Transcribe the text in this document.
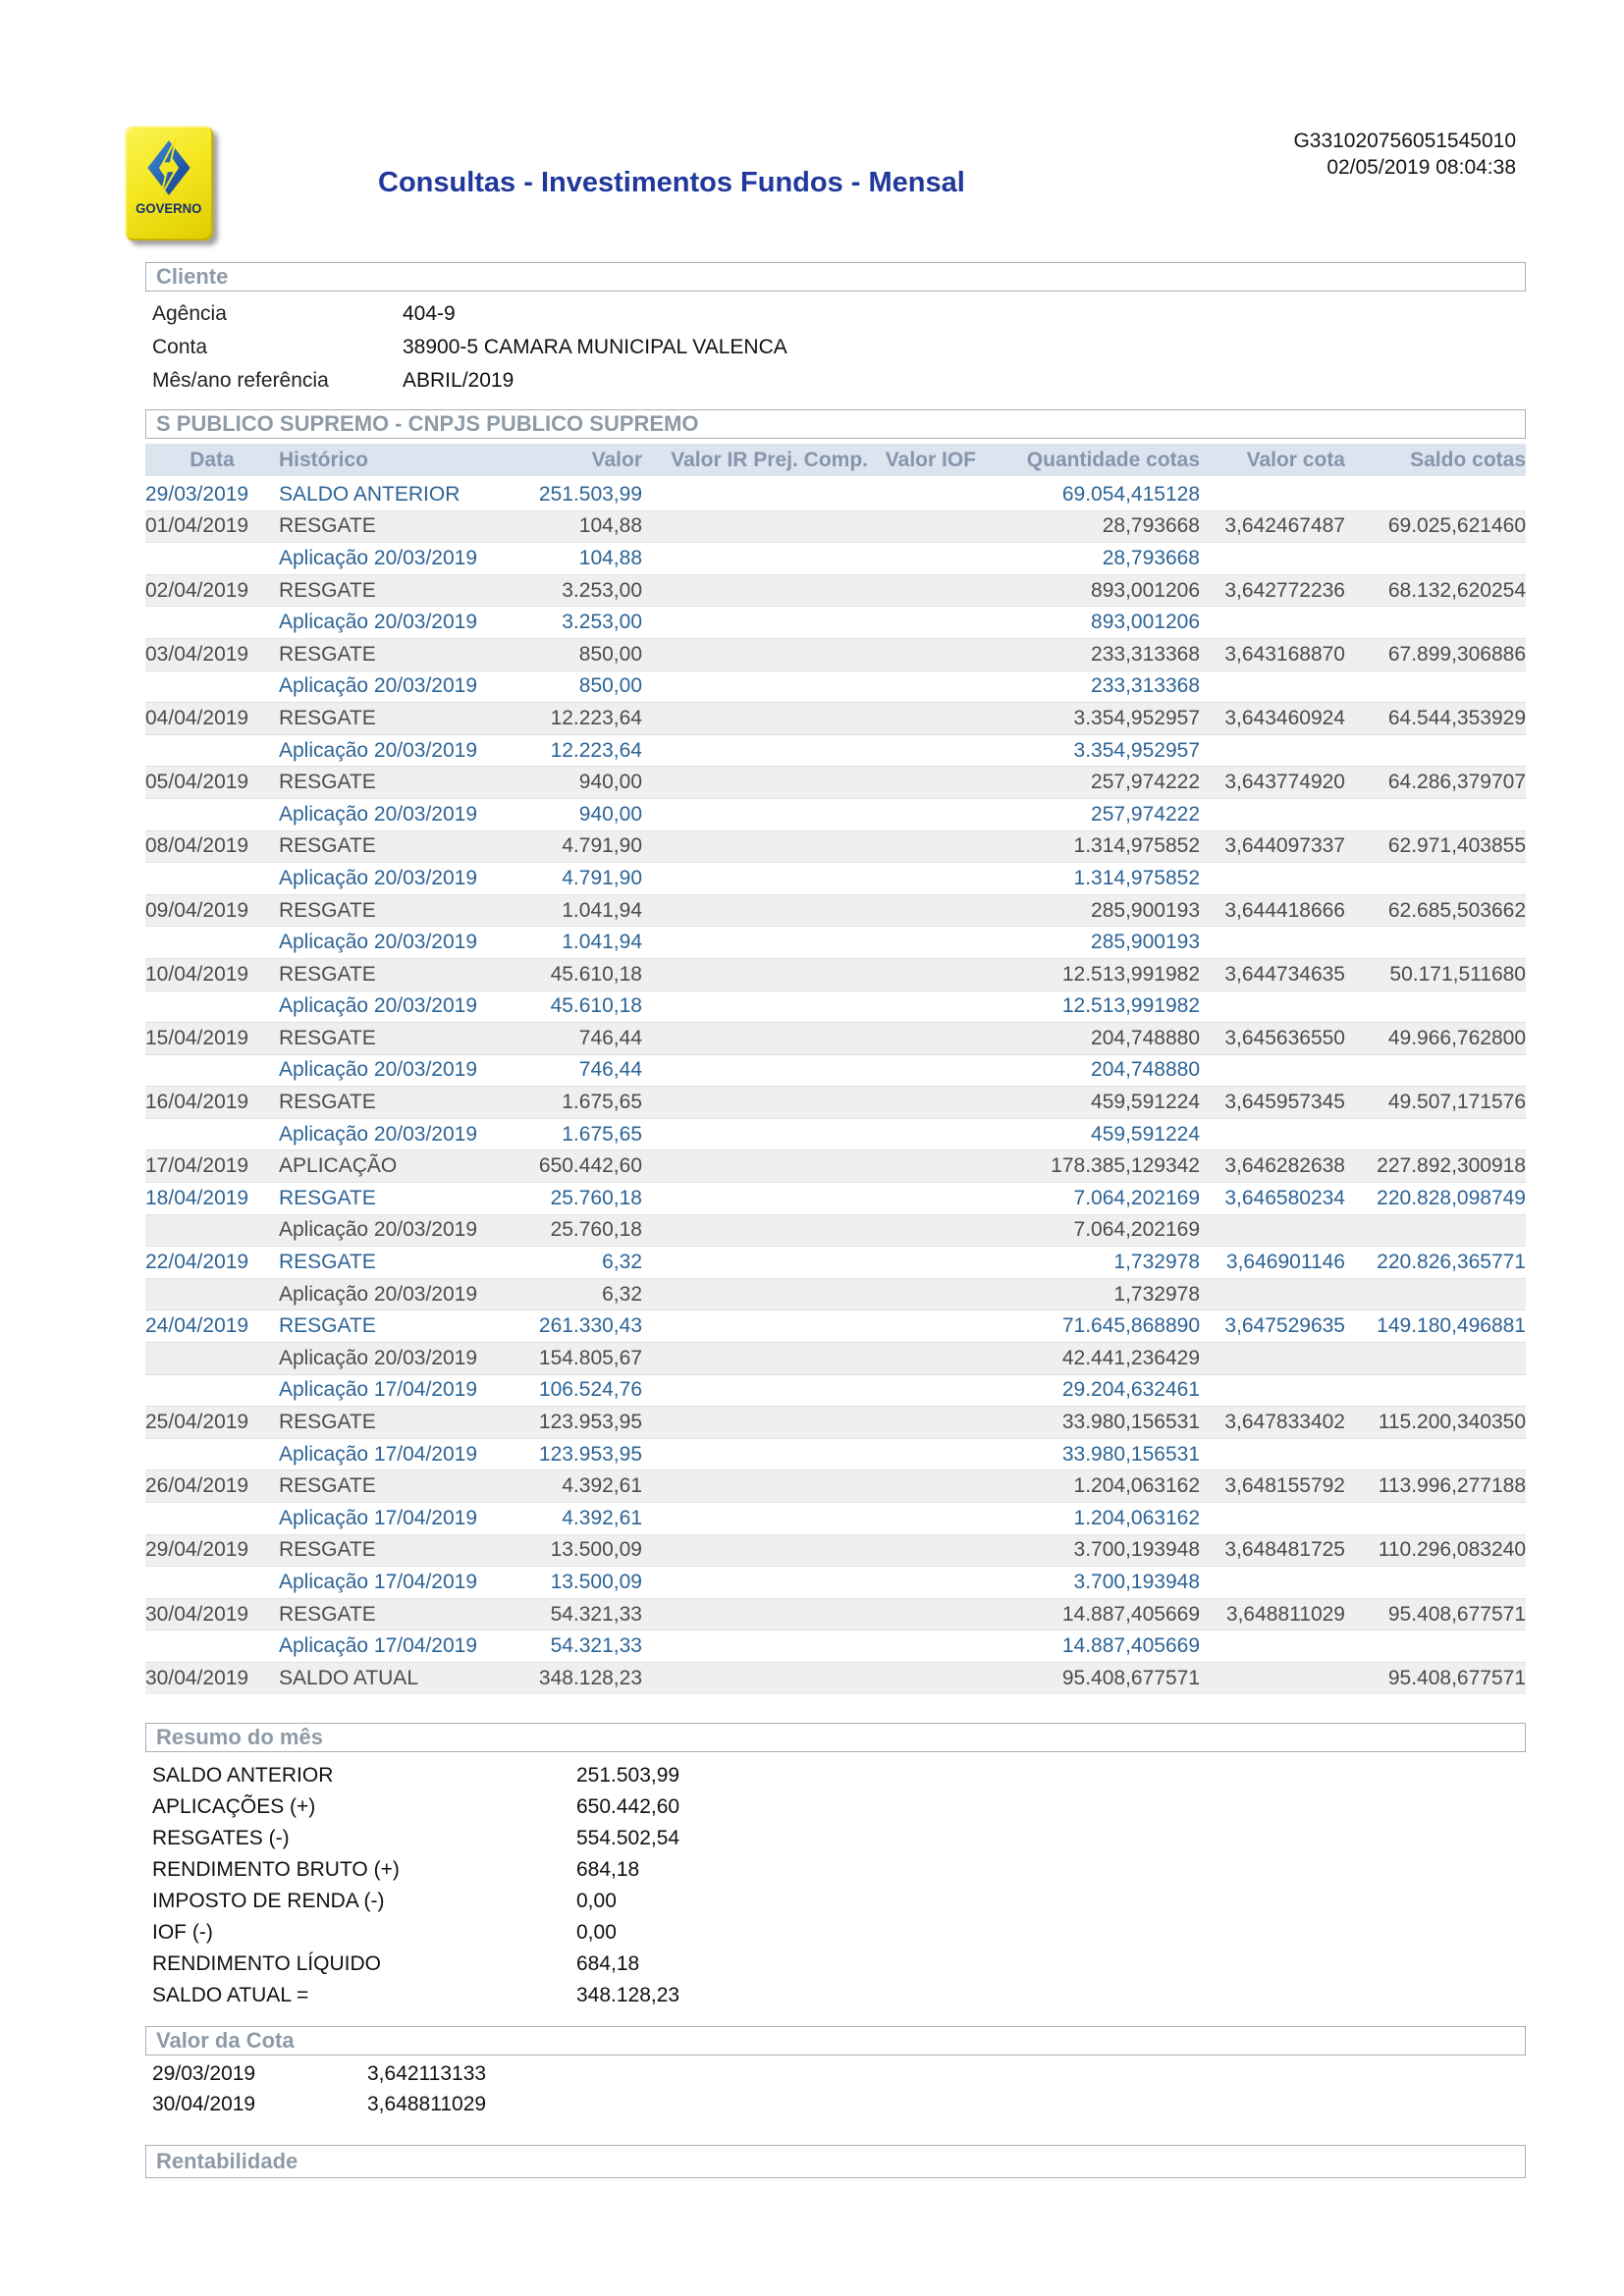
GOVERNO
Consultas - Investimentos Fundos - Mensal
G331020756051545010
02/05/2019 08:04:38
Cliente
Agência	404-9
Conta	38900-5 CAMARA MUNICIPAL VALENCA
Mês/ano referência	ABRIL/2019
S PUBLICO SUPREMO - CNPJS PUBLICO SUPREMO
Data	Histórico	Valor	Valor IR Prej. Comp.	Valor IOF	Quantidade cotas	Valor cota	Saldo cotas
29/03/2019	SALDO ANTERIOR	251.503,99			69.054,415128		
01/04/2019	RESGATE	104,88			28,793668	3,642467487	69.025,621460
	Aplicação 20/03/2019	104,88			28,793668		
02/04/2019	RESGATE	3.253,00			893,001206	3,642772236	68.132,620254
	Aplicação 20/03/2019	3.253,00			893,001206		
03/04/2019	RESGATE	850,00			233,313368	3,643168870	67.899,306886
	Aplicação 20/03/2019	850,00			233,313368		
04/04/2019	RESGATE	12.223,64			3.354,952957	3,643460924	64.544,353929
	Aplicação 20/03/2019	12.223,64			3.354,952957		
05/04/2019	RESGATE	940,00			257,974222	3,643774920	64.286,379707
	Aplicação 20/03/2019	940,00			257,974222		
08/04/2019	RESGATE	4.791,90			1.314,975852	3,644097337	62.971,403855
	Aplicação 20/03/2019	4.791,90			1.314,975852		
09/04/2019	RESGATE	1.041,94			285,900193	3,644418666	62.685,503662
	Aplicação 20/03/2019	1.041,94			285,900193		
10/04/2019	RESGATE	45.610,18			12.513,991982	3,644734635	50.171,511680
	Aplicação 20/03/2019	45.610,18			12.513,991982		
15/04/2019	RESGATE	746,44			204,748880	3,645636550	49.966,762800
	Aplicação 20/03/2019	746,44			204,748880		
16/04/2019	RESGATE	1.675,65			459,591224	3,645957345	49.507,171576
	Aplicação 20/03/2019	1.675,65			459,591224		
17/04/2019	APLICAÇÃO	650.442,60			178.385,129342	3,646282638	227.892,300918
18/04/2019	RESGATE	25.760,18			7.064,202169	3,646580234	220.828,098749
	Aplicação 20/03/2019	25.760,18			7.064,202169		
22/04/2019	RESGATE	6,32			1,732978	3,646901146	220.826,365771
	Aplicação 20/03/2019	6,32			1,732978		
24/04/2019	RESGATE	261.330,43			71.645,868890	3,647529635	149.180,496881
	Aplicação 20/03/2019	154.805,67			42.441,236429		
	Aplicação 17/04/2019	106.524,76			29.204,632461		
25/04/2019	RESGATE	123.953,95			33.980,156531	3,647833402	115.200,340350
	Aplicação 17/04/2019	123.953,95			33.980,156531		
26/04/2019	RESGATE	4.392,61			1.204,063162	3,648155792	113.996,277188
	Aplicação 17/04/2019	4.392,61			1.204,063162		
29/04/2019	RESGATE	13.500,09			3.700,193948	3,648481725	110.296,083240
	Aplicação 17/04/2019	13.500,09			3.700,193948		
30/04/2019	RESGATE	54.321,33			14.887,405669	3,648811029	95.408,677571
	Aplicação 17/04/2019	54.321,33			14.887,405669		
30/04/2019	SALDO ATUAL	348.128,23			95.408,677571		95.408,677571
Resumo do mês
SALDO ANTERIOR	251.503,99
APLICAÇÕES (+)	650.442,60
RESGATES (-)	554.502,54
RENDIMENTO BRUTO (+)	684,18
IMPOSTO DE RENDA (-)	0,00
IOF (-)	0,00
RENDIMENTO LÍQUIDO	684,18
SALDO ATUAL =	348.128,23
Valor da Cota
29/03/2019	3,642113133
30/04/2019	3,648811029
Rentabilidade
